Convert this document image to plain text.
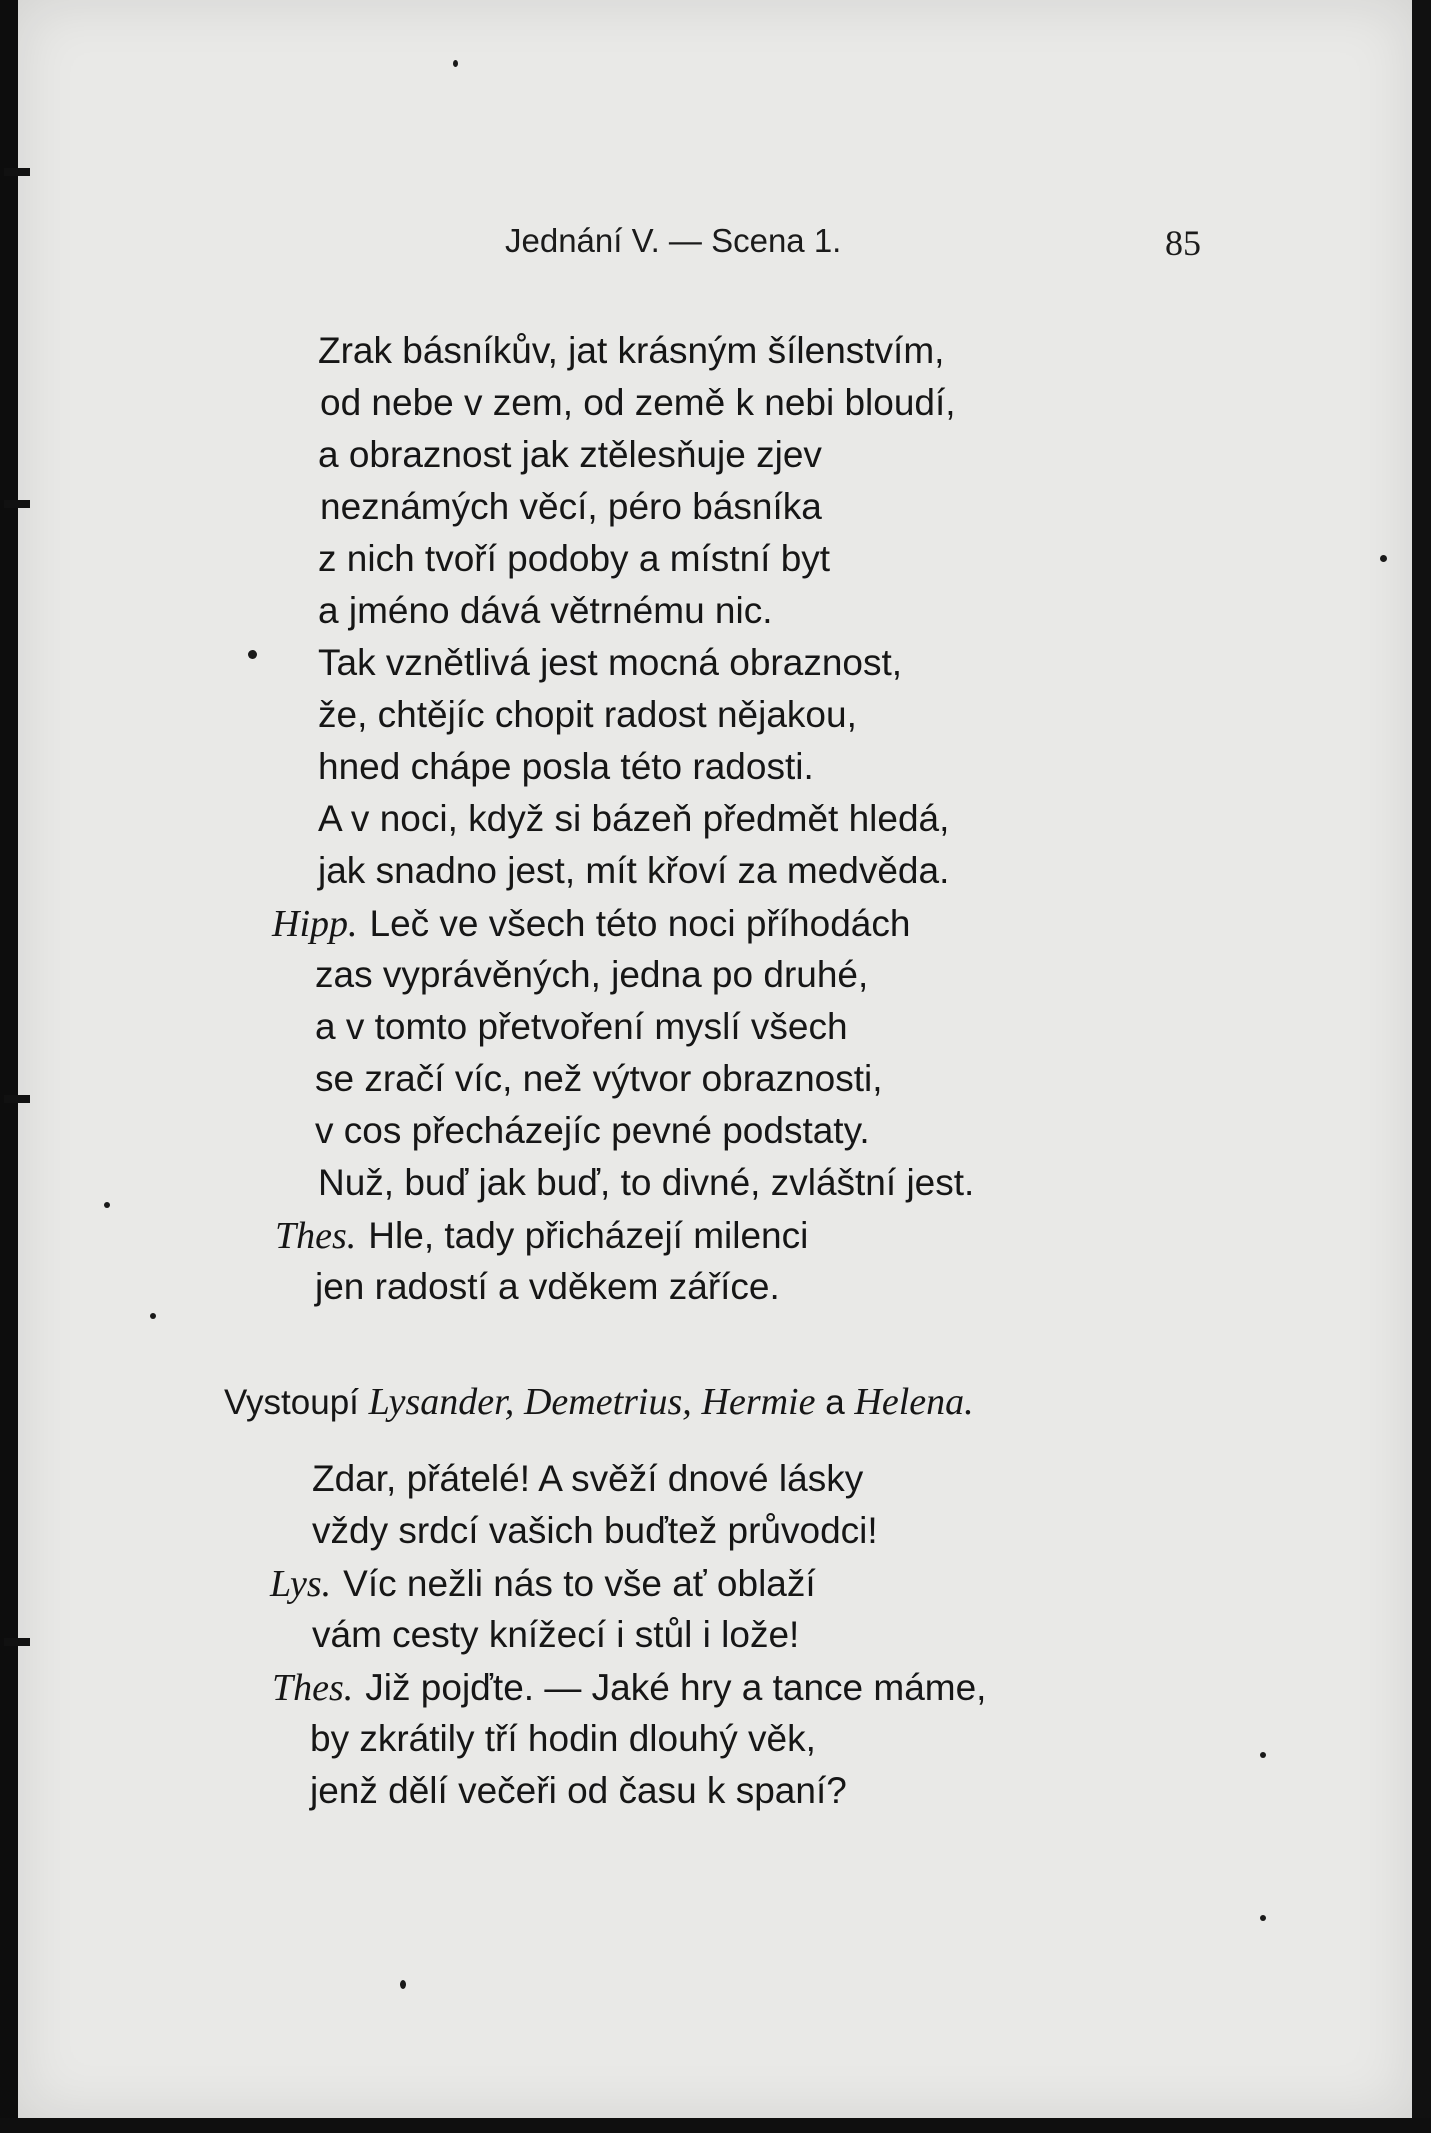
Jednání V. — Scena 1.	85
Zrak básníkův, jat krásným šílenstvím,
od nebe v zem, od země k nebi bloudí,
a obraznost jak ztělesňuje zjev
neznámých věcí, péro básníka
z nich tvoří podoby a místní byt
a jméno dává větrnému nic.
Tak vznětlivá jest mocná obraznost,
že, chtějíc chopit radost nějakou,
hned chápe posla této radosti.
A v noci, když si bázeň předmět hledá,
jak snadno jest, mít křoví za medvěda.
Hipp. Leč ve všech této noci příhodách
zas vyprávěných, jedna po druhé,
a v tomto přetvoření myslí všech
se zračí víc, než výtvor obraznosti,
v cos přecházejíc pevné podstaty.
Nuž, buď jak buď, to divné, zvláštní jest.
Thes. Hle, tady přicházejí milenci
jen radostí a vděkem záříce.
Vystoupí Lysander, Demetrius, Hermie a Helena.
Zdar, přátelé! A svěží dnové lásky
vždy srdcí vašich buďtež průvodci!
Lys. Víc nežli nás to vše ať oblaží
vám cesty knížecí i stůl i lože!
Thes. Již pojďte. — Jaké hry a tance máme,
by zkrátily tří hodin dlouhý věk,
jenž dělí večeři od času k spaní?
